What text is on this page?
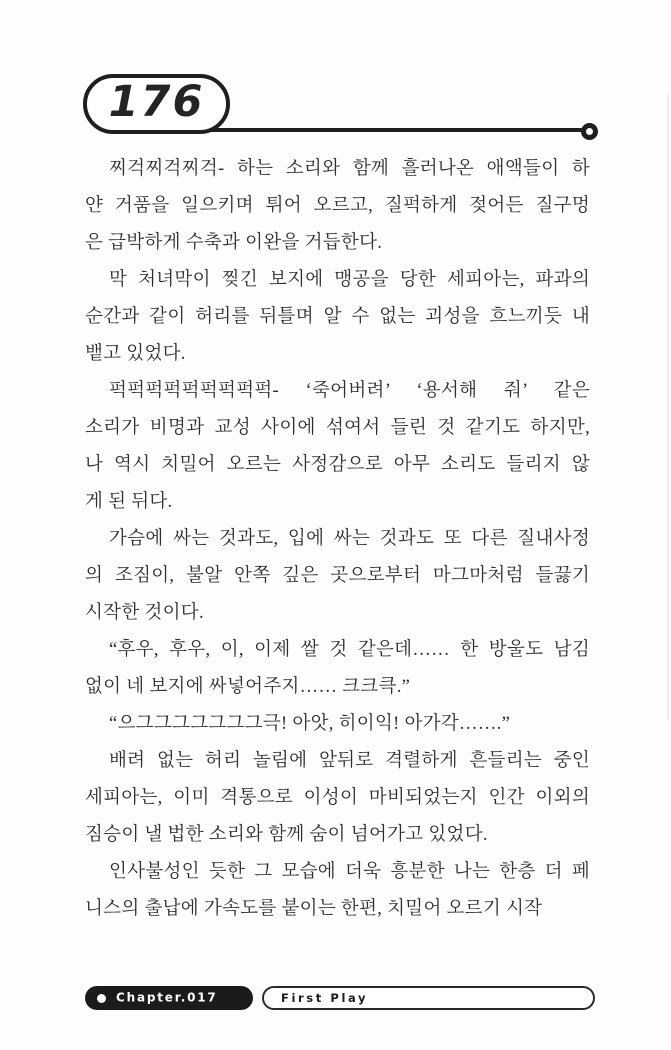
176
찌걱찌걱찌걱- 하는 소리와 함께 흘러나온 애액들이 하
얀 거품을 일으키며 튀어 오르고, 질퍽하게 젖어든 질구멍
은 급박하게 수축과 이완을 거듭한다.
막 처녀막이 찢긴 보지에 맹공을 당한 세피아는, 파과의
순간과 같이 허리를 뒤틀며 알 수 없는 괴성을 흐느끼듯 내
뱉고 있었다.
퍽퍽퍽퍽퍽퍽퍽퍽퍽- ‘죽어버려’ ‘용서해 줘’ 같은
소리가 비명과 교성 사이에 섞여서 들린 것 같기도 하지만,
나 역시 치밀어 오르는 사정감으로 아무 소리도 들리지 않
게 된 뒤다.
가슴에 싸는 것과도, 입에 싸는 것과도 또 다른 질내사정
의 조짐이, 불알 안쪽 깊은 곳으로부터 마그마처럼 들끓기
시작한 것이다.
“후우, 후우, 이, 이제 쌀 것 같은데…… 한 방울도 남김
없이 네 보지에 싸넣어주지…… 크크큭.”
“으그그그그그그그극! 아앗, 히이익! 아가각…….”
배려 없는 허리 놀림에 앞뒤로 격렬하게 흔들리는 중인
세피아는, 이미 격통으로 이성이 마비되었는지 인간 이외의
짐승이 낼 법한 소리와 함께 숨이 넘어가고 있었다.
인사불성인 듯한 그 모습에 더욱 흥분한 나는 한층 더 페
니스의 출납에 가속도를 붙이는 한편, 치밀어 오르기 시작
Chapter.017	First Play
